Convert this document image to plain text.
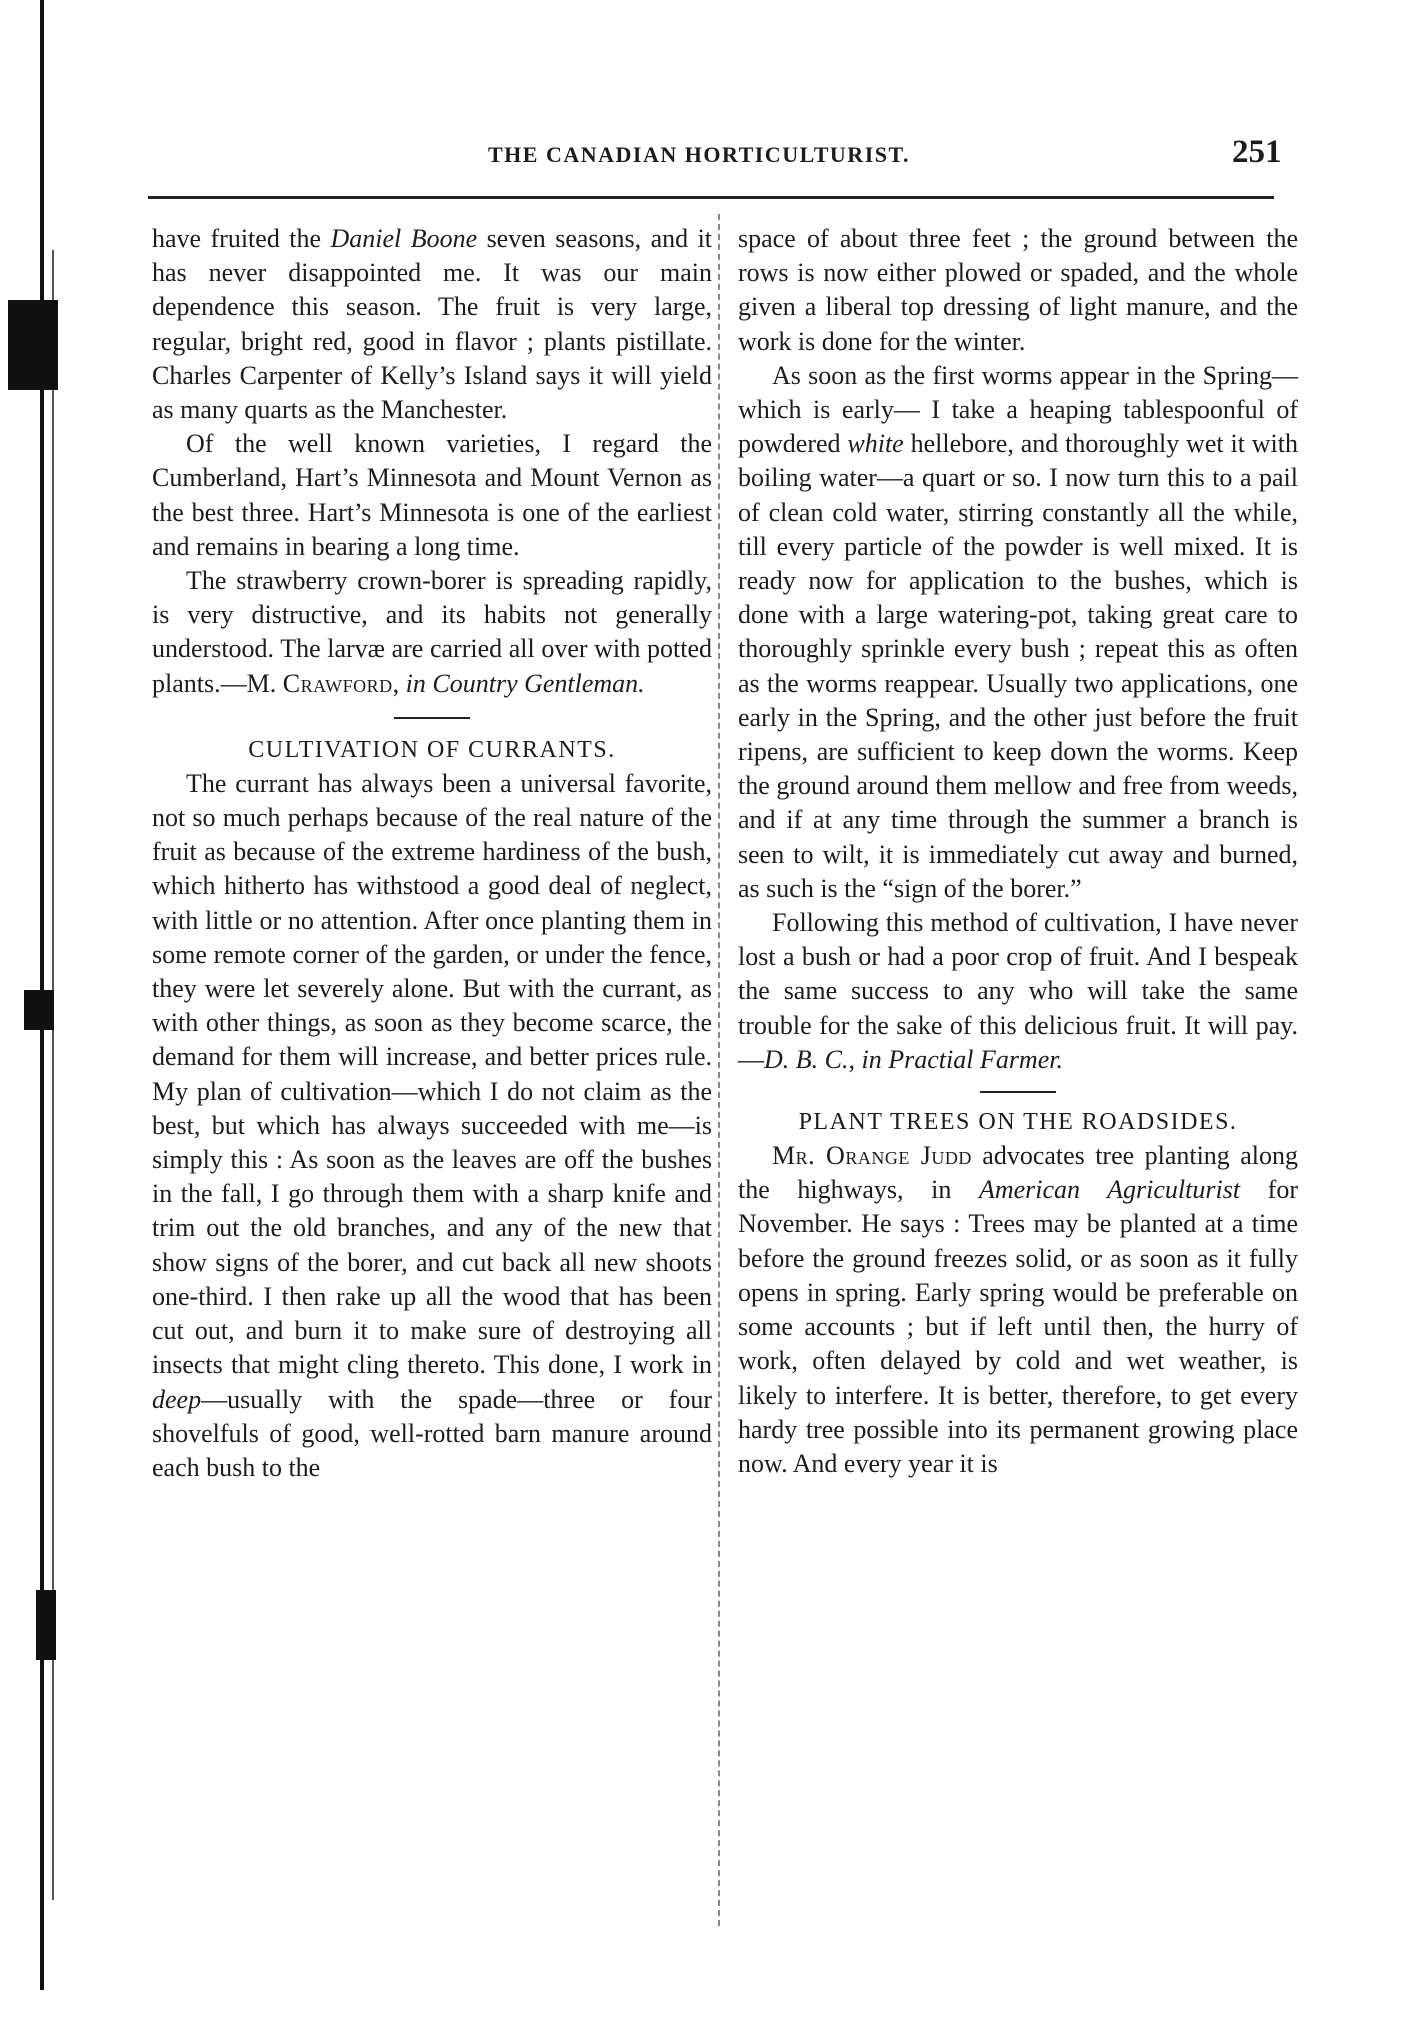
THE CANADIAN HORTICULTURIST.	251

have fruited the Daniel Boone seven seasons, and it has never disappointed me. It was our main dependence this season. The fruit is very large, regular, bright red, good in flavor ; plants pistillate. Charles Carpenter of Kelly’s Island says it will yield as many quarts as the Manchester.

Of the well known varieties, I regard the Cumberland, Hart’s Minnesota and Mount Vernon as the best three. Hart’s Minnesota is one of the earliest and remains in bearing a long time.

The strawberry crown-borer is spreading rapidly, is very distructive, and its habits not generally understood. The larvæ are carried all over with potted plants.—M. Crawford, in Country Gentleman.

CULTIVATION OF CURRANTS.

The currant has always been a universal favorite, not so much perhaps because of the real nature of the fruit as because of the extreme hardiness of the bush, which hitherto has withstood a good deal of neglect, with little or no attention. After once planting them in some remote corner of the garden, or under the fence, they were let severely alone. But with the currant, as with other things, as soon as they become scarce, the demand for them will increase, and better prices rule. My plan of cultivation—which I do not claim as the best, but which has always succeeded with me—is simply this : As soon as the leaves are off the bushes in the fall, I go through them with a sharp knife and trim out the old branches, and any of the new that show signs of the borer, and cut back all new shoots one-third. I then rake up all the wood that has been cut out, and burn it to make sure of destroying all insects that might cling thereto. This done, I work in deep—usually with the spade—three or four shovelfuls of good, well-rotted barn manure around each bush to the

space of about three feet ; the ground between the rows is now either plowed or spaded, and the whole given a liberal top dressing of light manure, and the work is done for the winter.

As soon as the first worms appear in the Spring—which is early— I take a heaping tablespoonful of powdered white hellebore, and thoroughly wet it with boiling water—a quart or so. I now turn this to a pail of clean cold water, stirring constantly all the while, till every particle of the powder is well mixed. It is ready now for application to the bushes, which is done with a large watering-pot, taking great care to thoroughly sprinkle every bush ; repeat this as often as the worms reappear. Usually two applications, one early in the Spring, and the other just before the fruit ripens, are sufficient to keep down the worms. Keep the ground around them mellow and free from weeds, and if at any time through the summer a branch is seen to wilt, it is immediately cut away and burned, as such is the “sign of the borer.”

Following this method of cultivation, I have never lost a bush or had a poor crop of fruit. And I bespeak the same success to any who will take the same trouble for the sake of this delicious fruit. It will pay.—D. B. C., in Practial Farmer.

PLANT TREES ON THE ROADSIDES.

Mr. Orange Judd advocates tree planting along the highways, in American Agriculturist for November. He says : Trees may be planted at a time before the ground freezes solid, or as soon as it fully opens in spring. Early spring would be preferable on some accounts ; but if left until then, the hurry of work, often delayed by cold and wet weather, is likely to interfere. It is better, therefore, to get every hardy tree possible into its permanent growing place now. And every year it is
